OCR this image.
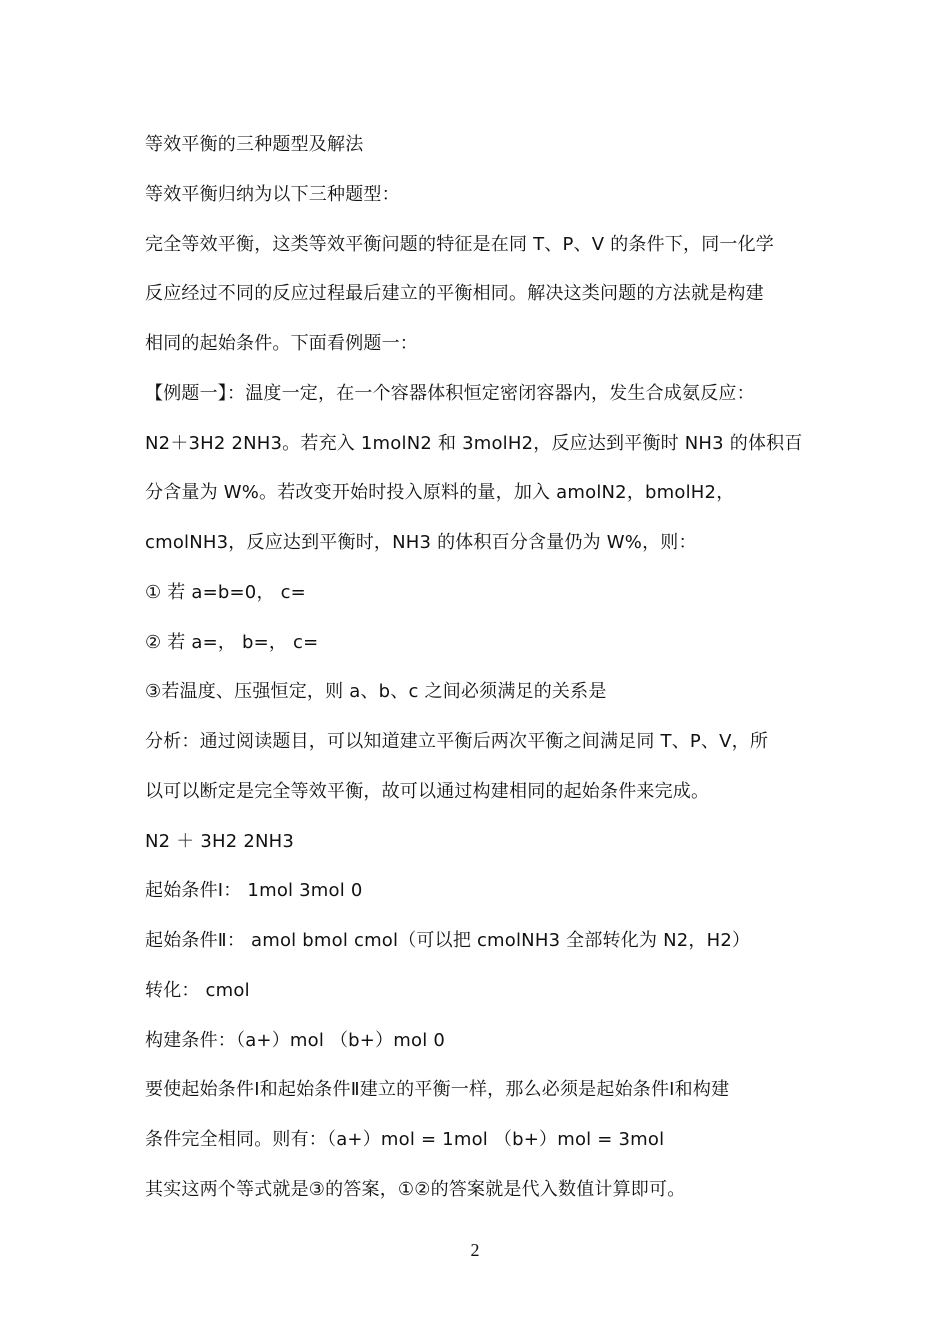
等效平衡的三种题型及解法
等效平衡归纳为以下三种题型：
完全等效平衡，这类等效平衡问题的特征是在同 T、P、V 的条件下，同一化学
反应经过不同的反应过程最后建立的平衡相同。解决这类问题的方法就是构建
相同的起始条件。下面看例题一：
【例题一】：温度一定，在一个容器体积恒定密闭容器内，发生合成氨反应：
N2＋3H2 2NH3。若充入 1molN2 和 3molH2，反应达到平衡时 NH3 的体积百
分含量为 W%。若改变开始时投入原料的量，加入 amolN2，bmolH2，
cmolNH3，反应达到平衡时，NH3 的体积百分含量仍为 W%，则：
① 若 a=b=0， c=
② 若 a=， b=， c=
③若温度、压强恒定，则 a、b、c 之间必须满足的关系是
分析：通过阅读题目，可以知道建立平衡后两次平衡之间满足同 T、P、V，所
以可以断定是完全等效平衡，故可以通过构建相同的起始条件来完成。
N2 ＋ 3H2 2NH3
起始条件Ⅰ： 1mol 3mol 0
起始条件Ⅱ： amol bmol cmol（可以把 cmolNH3 全部转化为 N2，H2）
转化： cmol
构建条件：（a+）mol （b+）mol 0
要使起始条件Ⅰ和起始条件Ⅱ建立的平衡一样，那么必须是起始条件Ⅰ和构建
条件完全相同。则有：（a+）mol = 1mol （b+）mol = 3mol
其实这两个等式就是③的答案，①②的答案就是代入数值计算即可。
2
